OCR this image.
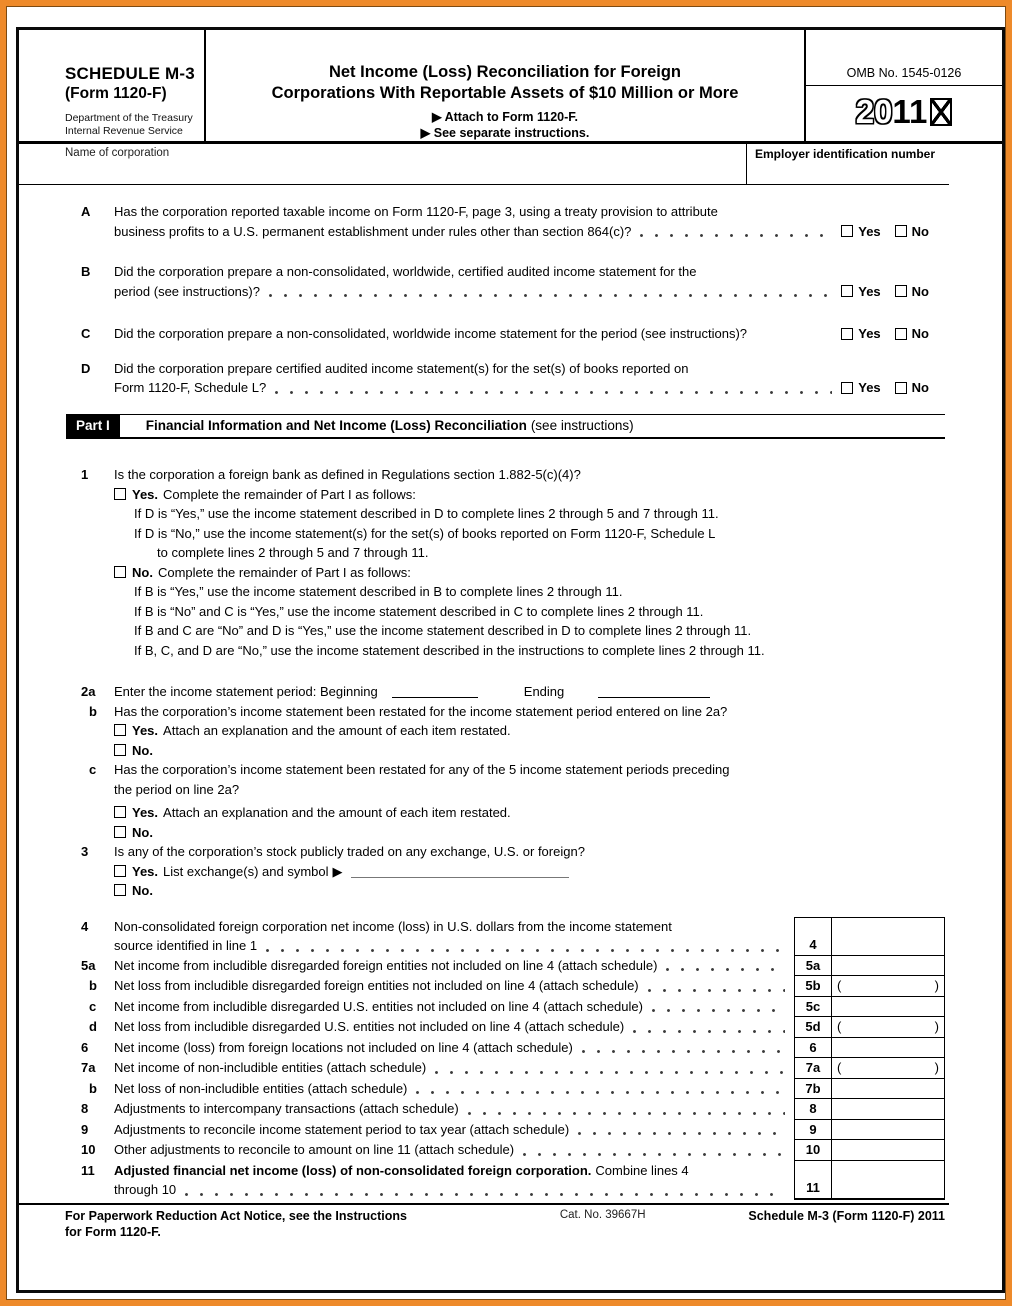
SCHEDULE M-3
(Form 1120-F)
Department of the Treasury
Internal Revenue Service
Net Income (Loss) Reconciliation for Foreign
Corporations With Reportable Assets of $10 Million or More
▶ Attach to Form 1120-F.
▶ See separate instructions.
OMB No. 1545-0126
2011
Name of corporation	Employer identification number
A	Has the corporation reported taxable income on Form 1120-F, page 3, using a treaty provision to attribute
business profits to a U.S. permanent establishment under rules other than section 864(c)?	Yes No
B	Did the corporation prepare a non-consolidated, worldwide, certified audited income statement for the
period (see instructions)?	Yes No
C	Did the corporation prepare a non-consolidated, worldwide income statement for the period (see instructions)?	Yes No
D	Did the corporation prepare certified audited income statement(s) for the set(s) of books reported on
Form 1120-F, Schedule L?	Yes No
Part I	Financial Information and Net Income (Loss) Reconciliation (see instructions)
1	Is the corporation a foreign bank as defined in Regulations section 1.882-5(c)(4)?
Yes. Complete the remainder of Part I as follows:
If D is “Yes,” use the income statement described in D to complete lines 2 through 5 and 7 through 11.
If D is “No,” use the income statement(s) for the set(s) of books reported on Form 1120-F, Schedule L
to complete lines 2 through 5 and 7 through 11.
No. Complete the remainder of Part I as follows:
If B is “Yes,” use the income statement described in B to complete lines 2 through 11.
If B is “No” and C is “Yes,” use the income statement described in C to complete lines 2 through 11.
If B and C are “No” and D is “Yes,” use the income statement described in D to complete lines 2 through 11.
If B, C, and D are “No,” use the income statement described in the instructions to complete lines 2 through 11.
2a	Enter the income statement period: Beginning	Ending
b	Has the corporation’s income statement been restated for the income statement period entered on line 2a?
Yes. Attach an explanation and the amount of each item restated.
No.
c	Has the corporation’s income statement been restated for any of the 5 income statement periods preceding
the period on line 2a?
Yes. Attach an explanation and the amount of each item restated.
No.
3	Is any of the corporation’s stock publicly traded on any exchange, U.S. or foreign?
Yes. List exchange(s) and symbol ▶
No.
4	Non-consolidated foreign corporation net income (loss) in U.S. dollars from the income statement
source identified in line 1	4
5a	Net income from includible disregarded foreign entities not included on line 4 (attach schedule)	5a
b	Net loss from includible disregarded foreign entities not included on line 4 (attach schedule)	5b	(	)
c	Net income from includible disregarded U.S. entities not included on line 4 (attach schedule)	5c
d	Net loss from includible disregarded U.S. entities not included on line 4 (attach schedule)	5d	(	)
6	Net income (loss) from foreign locations not included on line 4 (attach schedule)	6
7a	Net income of non-includible entities (attach schedule)	7a	(	)
b	Net loss of non-includible entities (attach schedule)	7b
8	Adjustments to intercompany transactions (attach schedule)	8
9	Adjustments to reconcile income statement period to tax year (attach schedule)	9
10	Other adjustments to reconcile to amount on line 11 (attach schedule)	10
11	Adjusted financial net income (loss) of non-consolidated foreign corporation. Combine lines 4
through 10	11
For Paperwork Reduction Act Notice, see the Instructions
for Form 1120-F.
Cat. No. 39667H	Schedule M-3 (Form 1120-F) 2011
